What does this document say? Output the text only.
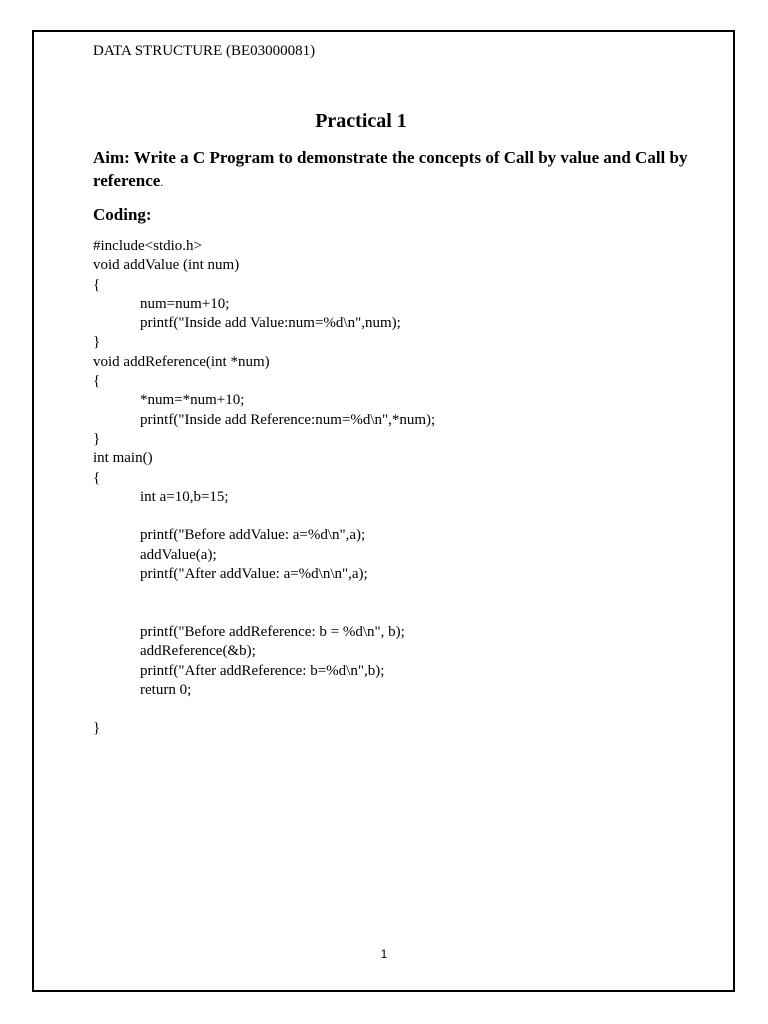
DATA STRUCTURE (BE03000081)
Practical 1
Aim: Write a C Program to demonstrate the concepts of Call by value and Call by reference.
Coding:
#include<stdio.h>
void addValue (int num)
{
num=num+10;
printf("Inside add Value:num=%d\n",num);
}
void addReference(int *num)
{
*num=*num+10;
printf("Inside add Reference:num=%d\n",*num);
}
int main()
{
int a=10,b=15;
printf("Before addValue: a=%d\n",a);
addValue(a);
printf("After addValue: a=%d\n\n",a);
printf("Before addReference: b = %d\n", b);
addReference(&b);
printf("After addReference: b=%d\n",b);
return 0;
}
1
